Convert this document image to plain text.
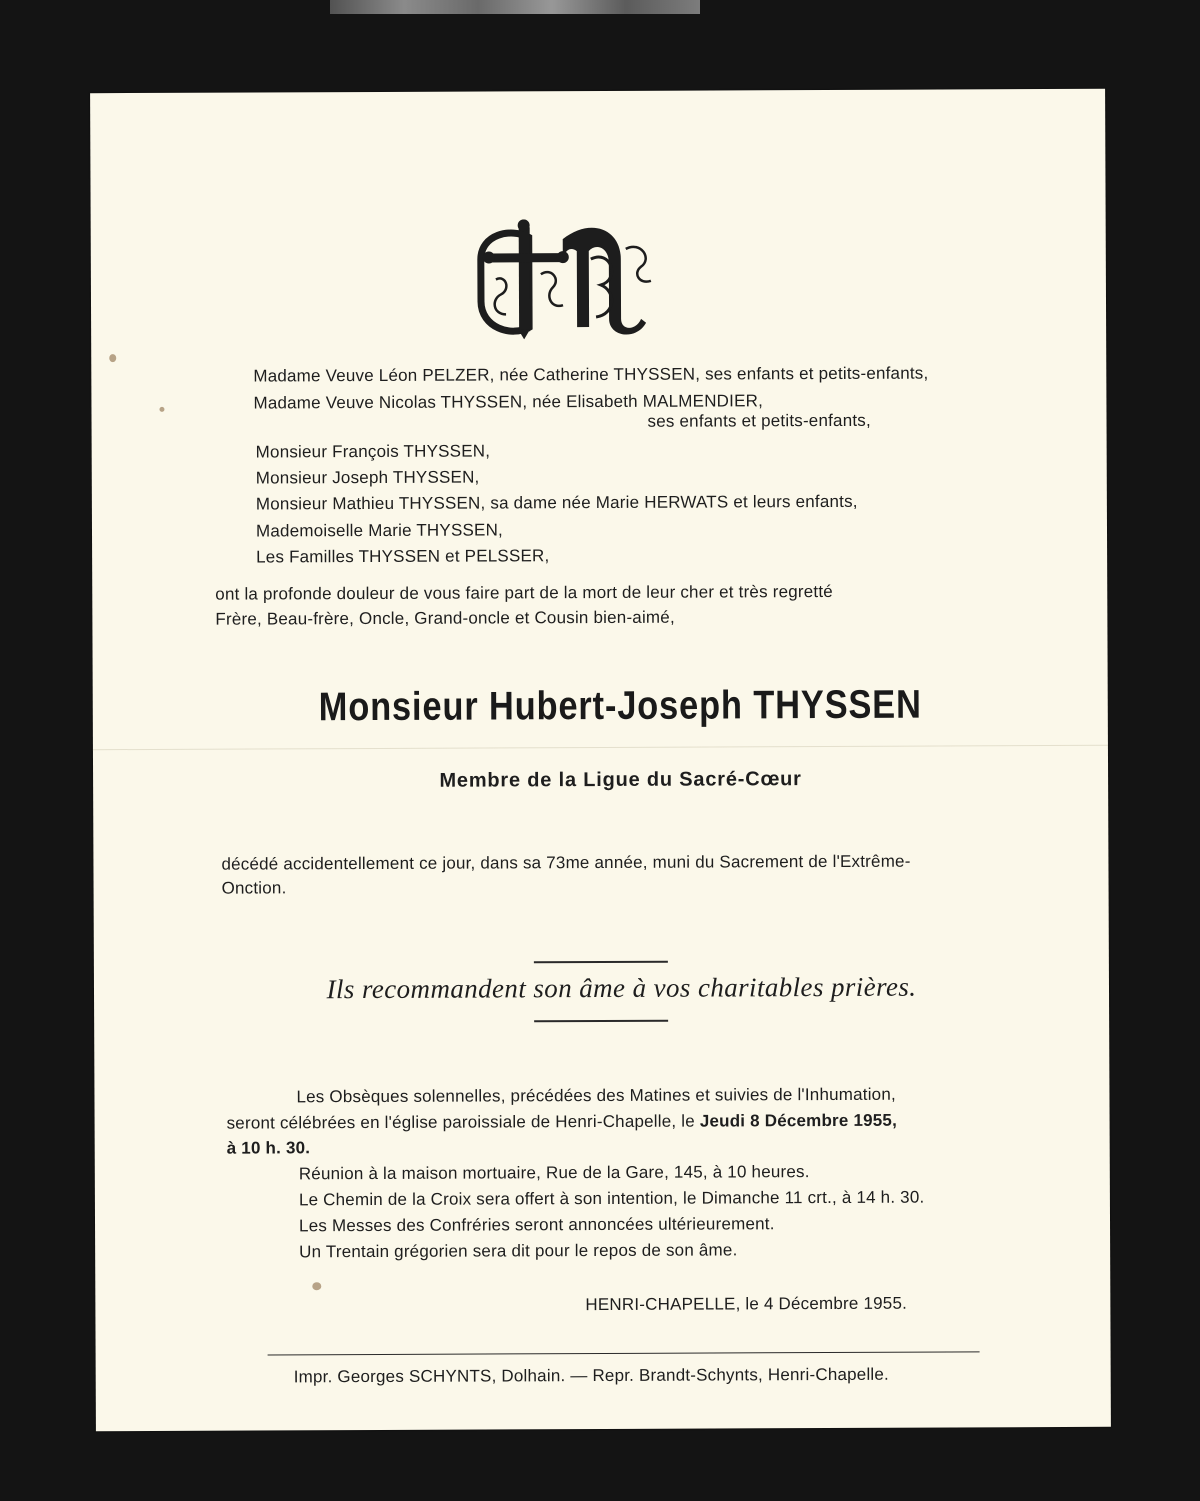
Madame Veuve Léon PELZER, née Catherine THYSSEN, ses enfants et petits-enfants,
Madame Veuve Nicolas THYSSEN, née Elisabeth MALMENDIER,
ses enfants et petits-enfants,
Monsieur François THYSSEN,
Monsieur Joseph THYSSEN,
Monsieur Mathieu THYSSEN, sa dame née Marie HERWATS et leurs enfants,
Mademoiselle Marie THYSSEN,
Les Familles THYSSEN et PELSSER,
ont la profonde douleur de vous faire part de la mort de leur cher et très regretté
Frère, Beau-frère, Oncle, Grand-oncle et Cousin bien-aimé,
Monsieur Hubert-Joseph THYSSEN
Membre de la Ligue du Sacré-Cœur
décédé accidentellement ce jour, dans sa 73me année, muni du Sacrement de l'Extrême-
Onction.
Ils recommandent son âme à vos charitables prières.
Les Obsèques solennelles, précédées des Matines et suivies de l'Inhumation,
seront célébrées en l'église paroissiale de Henri-Chapelle, le Jeudi 8 Décembre 1955,
à 10 h. 30.
Réunion à la maison mortuaire, Rue de la Gare, 145, à 10 heures.
Le Chemin de la Croix sera offert à son intention, le Dimanche 11 crt., à 14 h. 30.
Les Messes des Confréries seront annoncées ultérieurement.
Un Trentain grégorien sera dit pour le repos de son âme.
HENRI-CHAPELLE, le 4 Décembre 1955.
Impr. Georges SCHYNTS, Dolhain. — Repr. Brandt-Schynts, Henri-Chapelle.
